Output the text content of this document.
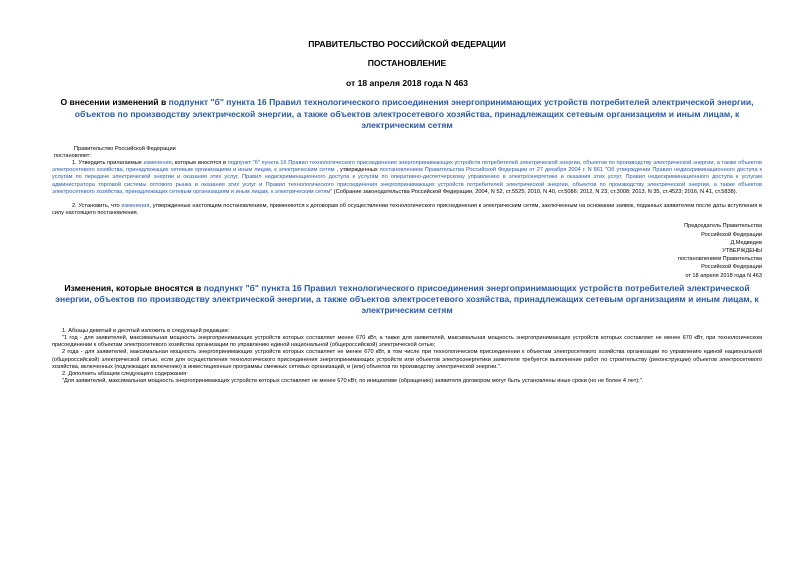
ПРАВИТЕЛЬСТВО РОССИЙСКОЙ ФЕДЕРАЦИИ
ПОСТАНОВЛЕНИЕ
от 18 апреля 2018 года N 463
О внесении изменений в подпункт "б" пункта 16 Правил технологического присоединения энергопринимающих устройств потребителей электрической энергии, объектов по производству электрической энергии, а также объектов электросетевого хозяйства, принадлежащих сетевым организациям и иным лицам, к электрическим сетям
Правительство Российской Федерации
постановляет:
1. Утвердить прилагаемые изменения, которые вносятся в подпункт "б" пункта 16 Правил технологического присоединения энергопринимающих устройств потребителей электрической энергии, объектов по производству электрической энергии, а также объектов электросетевого хозяйства, принадлежащих сетевым организациям и иным лицам, к электрическим сетям , утвержденных постановлением Правительства Российской Федерации от 27 декабря 2004 г. N 861 "Об утверждении Правил недискриминационного доступа к услугам по передаче электрической энергии и оказания этих услуг, Правил недискриминационного доступа к услугам по оперативно-диспетчерскому управлению в электроэнергетике и оказания этих услуг, Правил недискриминационного доступа к услугам администратора торговой системы оптового рынка и оказания этих услуг и Правил технологического присоединения энергопринимающих устройств потребителей электрической энергии, объектов по производству электрической энергии, а также объектов электросетевого хозяйства, принадлежащих сетевым организациям и иным лицам, к электрическим сетям" (Собрание законодательства Российской Федерации, 2004, N 52, ст.5525; 2010, N 40, ст.5086; 2012, N 23, ст.3008; 2013, N 35, ст.4523; 2016, N 41, ст.5838).
2. Установить, что изменения, утвержденные настоящим постановлением, применяются к договорам об осуществлении технологического присоединения к электрическим сетям, заключенным на основании заявок, поданных заявителем после даты вступления в силу настоящего постановления.
Председатель Правительства
Российской Федерации
Д.Медведев
УТВЕРЖДЕНЫ
постановлением Правительства
Российской Федерации
от 18 апреля 2018 года N 463
Изменения, которые вносятся в подпункт "б" пункта 16 Правил технологического присоединения энергопринимающих устройств потребителей электрической энергии, объектов по производству электрической энергии, а также объектов электросетевого хозяйства, принадлежащих сетевым организациям и иным лицам, к электрическим сетям
1. Абзацы девятый и десятый изложить в следующей редакции:
"1 год - для заявителей, максимальная мощность энергопринимающих устройств которых составляет менее 670 кВт, а также для заявителей, максимальная мощность энергопринимающих устройств которых составляет не менее 670 кВт, при технологическом присоединении к объектам электросетевого хозяйства организации по управлению единой национальной (общероссийской) электрической сетью;
2 года - для заявителей, максимальная мощность энергопринимающих устройств которых составляет не менее 670 кВт, в том числе при технологическом присоединении к объектам электросетевого хозяйства организации по управлению единой национальной (общероссийской) электрической сетью, если для осуществления технологического присоединения энергопринимающих устройств или объектов электроэнергетики заявителя требуется выполнение работ по строительству (реконструкции) объектов электросетевого хозяйства, включенных (подлежащих включению) в инвестиционные программы смежных сетевых организаций, и (или) объектов по производству электрической энергии.".
2. Дополнить абзацем следующего содержания:
"Для заявителей, максимальная мощность энергопринимающих устройств которых составляет не менее 670 кВт, по инициативе (обращению) заявителя договором могут быть установлены иные сроки (но не более 4 лет);".
